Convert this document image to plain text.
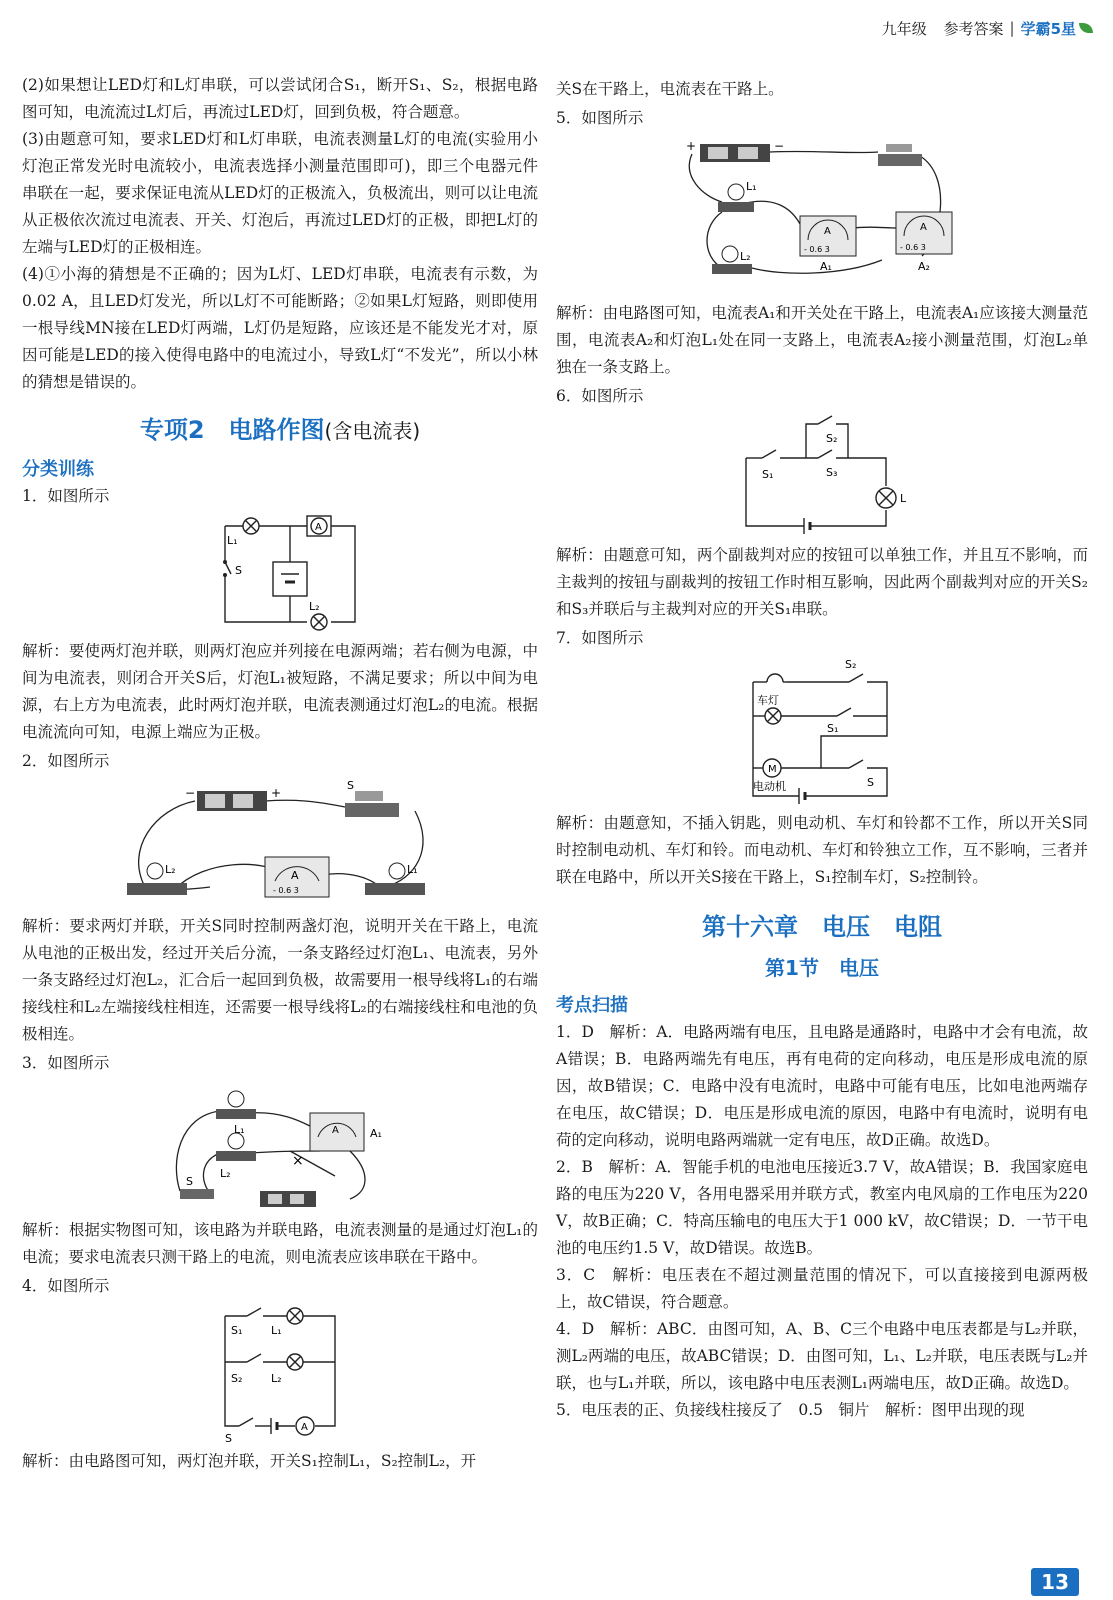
九年级
参考答案 | 学霸5星

(2)如果想让LED灯和L灯串联，可以尝试闭合S₁，断开S₁、S₂，根据电路图可知，电流流过L灯后，再流过LED灯，回到负极，符合题意。

(3)由题意可知，要求LED灯和L灯串联，电流表测量L灯的电流(实验用小灯泡正常发光时电流较小，电流表选择小测量范围即可)，即三个电器元件串联在一起，要求保证电流从LED灯的正极流入，负极流出，则可以让电流从正极依次流过电流表、开关、灯泡后，再流过LED灯的正极，即把L灯的左端与LED灯的正极相连。

(4)①小海的猜想是不正确的；因为L灯、LED灯串联，电流表有示数，为0.02 A，且LED灯发光，所以L灯不可能断路；②如果L灯短路，则即使用一根导线MN接在LED灯两端，L灯仍是短路，应该还是不能发光才对，原因可能是LED的接入使得电路中的电流过小，导致L灯“不发光”，所以小林的猜想是错误的。

专项2　电路作图(含电流表)
分类训练

1．如图所示

L₁
S
L₂
A

解析：要使两灯泡并联，则两灯泡应并列接在电源两端；若右侧为电源，中间为电流表，则闭合开关S后，灯泡L₁被短路，不满足要求；所以中间为电源，右上方为电流表，此时两灯泡并联，电流表测通过灯泡L₂的电流。根据电流流向可知，电源上端应为正极。

2．如图所示

−	+
S
L₂	L₁
A
- 0.6 3

解析：要求两灯并联，开关S同时控制两盏灯泡，说明开关在干路上，电流从电池的正极出发，经过开关后分流，一条支路经过灯泡L₁、电流表，另外一条支路经过灯泡L₂，汇合后一起回到负极，故需要用一根导线将L₁的右端接线柱和L₂左端接线柱相连，还需要一根导线将L₂的右端接线柱和电池的负极相连。

3．如图所示

L₁
L₂
S
A₁
A
×

解析：根据实物图可知，该电路为并联电路，电流表测量的是通过灯泡L₁的电流；要求电流表只测干路上的电流，则电流表应该串联在干路中。

4．如图所示

S₁	L₁
S₂	L₂
S
A

解析：由电路图可知，两灯泡并联，开关S₁控制L₁，S₂控制L₂，开

关S在干路上，电流表在干路上。

5．如图所示

+	−
L₁
L₂
A₁	A₂
A	A
- 0.6 3	- 0.6 3

解析：由电路图可知，电流表A₁和开关处在干路上，电流表A₁应该接大测量范围，电流表A₂和灯泡L₁处在同一支路上，电流表A₂接小测量范围，灯泡L₂单独在一条支路上。

6．如图所示

S₁
S₂
S₃
L

解析：由题意可知，两个副裁判对应的按钮可以单独工作，并且互不影响，而主裁判的按钮与副裁判的按钮工作时相互影响，因此两个副裁判对应的开关S₂和S₃并联后与主裁判对应的开关S₁串联。

7．如图所示

S₂
S₁
S
车灯
电动机
M

解析：由题意知，不插入钥匙，则电动机、车灯和铃都不工作，所以开关S同时控制电动机、车灯和铃。而电动机、车灯和铃独立工作，互不影响，三者并联在电路中，所以开关S接在干路上，S₁控制车灯，S₂控制铃。

第十六章　电压　电阻
第1节　电压
考点扫描

1．D　解析：A．电路两端有电压，且电路是通路时，电路中才会有电流，故A错误；B．电路两端先有电压，再有电荷的定向移动，电压是形成电流的原因，故B错误；C．电路中没有电流时，电路中可能有电压，比如电池两端存在电压，故C错误；D．电压是形成电流的原因，电路中有电流时，说明有电荷的定向移动，说明电路两端就一定有电压，故D正确。故选D。

2．B　解析：A．智能手机的电池电压接近3.7 V，故A错误；B．我国家庭电路的电压为220 V，各用电器采用并联方式，教室内电风扇的工作电压为220 V，故B正确；C．特高压输电的电压大于1 000 kV，故C错误；D．一节干电池的电压约1.5 V，故D错误。故选B。

3．C　解析：电压表在不超过测量范围的情况下，可以直接接到电源两极上，故C错误，符合题意。

4．D　解析：ABC．由图可知，A、B、C三个电路中电压表都是与L₂并联，测L₂两端的电压，故ABC错误；D．由图可知，L₁、L₂并联，电压表既与L₂并联，也与L₁并联，所以，该电路中电压表测L₁两端电压，故D正确。故选D。

5．电压表的正、负接线柱接反了　0.5　铜片　解析：图甲出现的现

13
